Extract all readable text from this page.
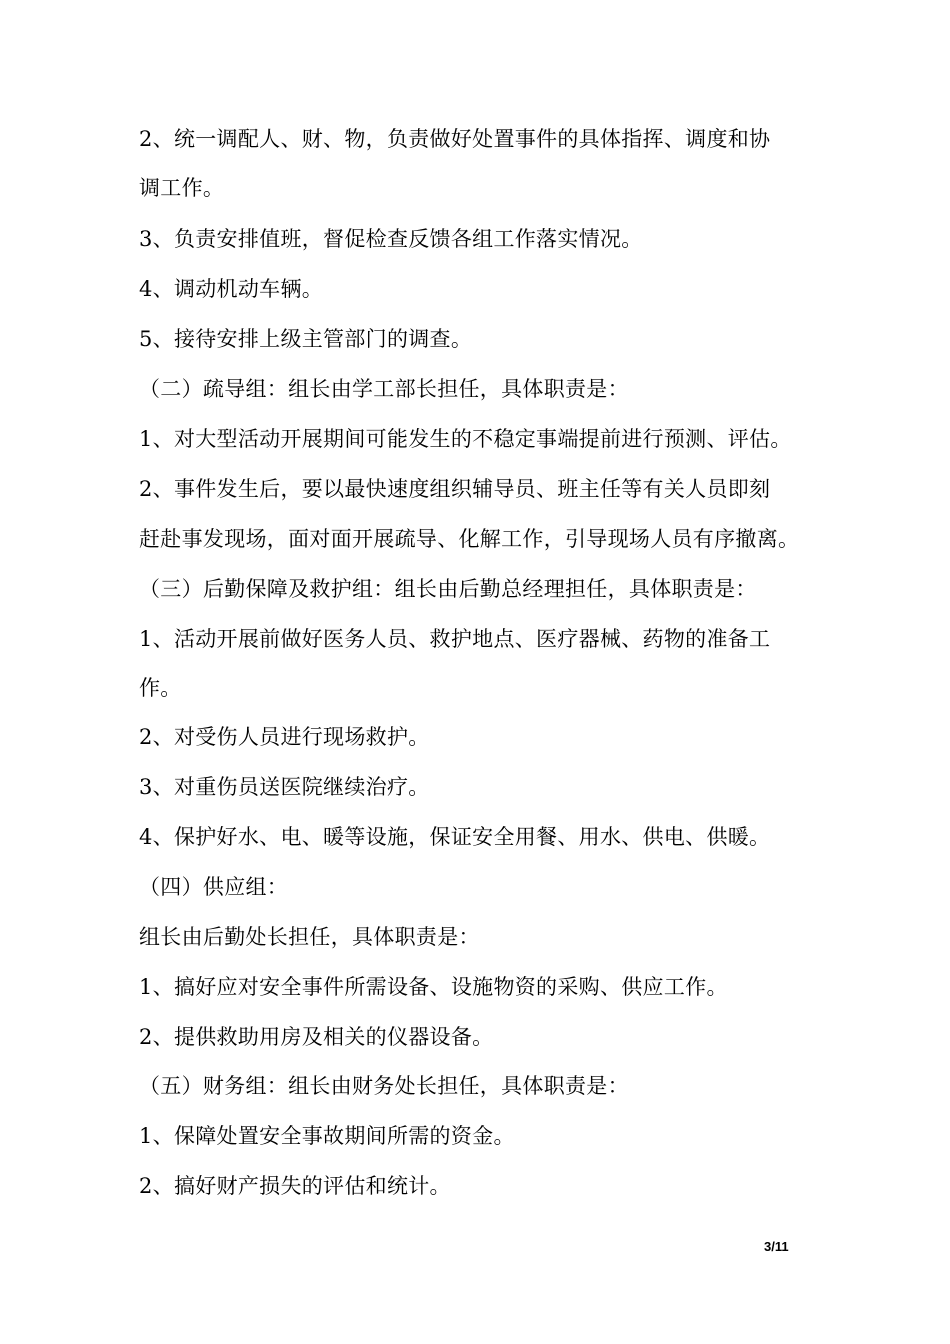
2、统一调配人、财、物，负责做好处置事件的具体指挥、调度和协
调工作。
3、负责安排值班，督促检查反馈各组工作落实情况。
4、调动机动车辆。
5、接待安排上级主管部门的调查。
（二）疏导组：组长由学工部长担任，具体职责是：
1、对大型活动开展期间可能发生的不稳定事端提前进行预测、评估。
2、事件发生后，要以最快速度组织辅导员、班主任等有关人员即刻
赶赴事发现场，面对面开展疏导、化解工作，引导现场人员有序撤离。
（三）后勤保障及救护组：组长由后勤总经理担任，具体职责是：
1、活动开展前做好医务人员、救护地点、医疗器械、药物的准备工
作。
2、对受伤人员进行现场救护。
3、对重伤员送医院继续治疗。
4、保护好水、电、暖等设施，保证安全用餐、用水、供电、供暖。
（四）供应组：
组长由后勤处长担任，具体职责是：
1、搞好应对安全事件所需设备、设施物资的采购、供应工作。
2、提供救助用房及相关的仪器设备。
（五）财务组：组长由财务处长担任，具体职责是：
1、保障处置安全事故期间所需的资金。
2、搞好财产损失的评估和统计。
3/11
